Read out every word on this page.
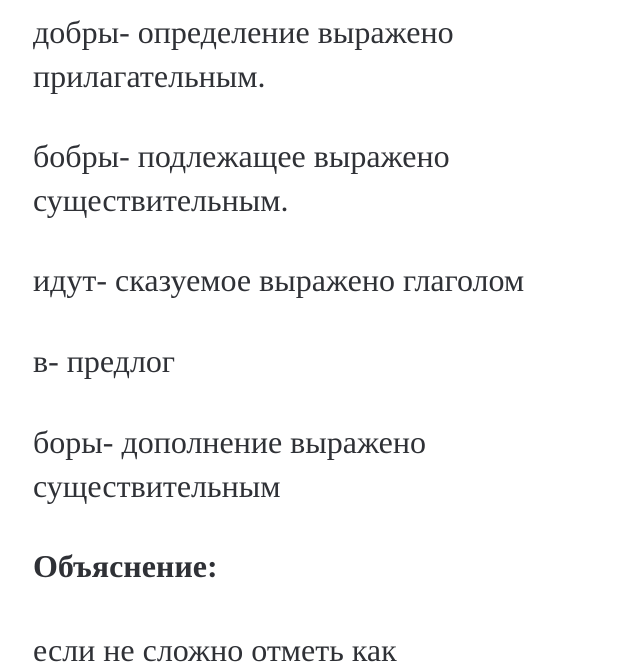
добры- определение выражено
прилагательным.

бобры- подлежащее выражено
существительным.

идут- сказуемое выражено глаголом

в- предлог

боры- дополнение выражено
существительным

Объяснение:

если не сложно отметь как
